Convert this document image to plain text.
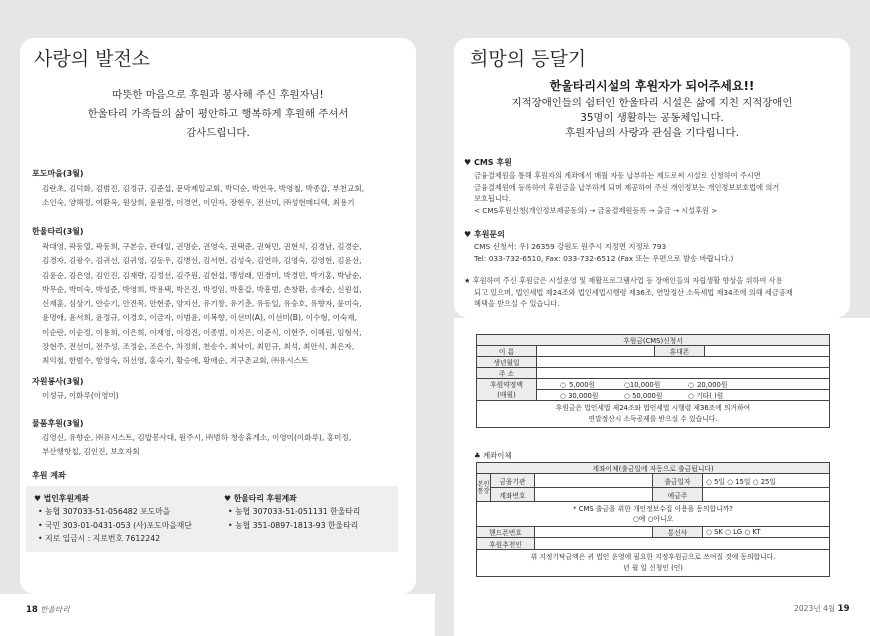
사랑의 발전소
따뜻한 마음으로 후원과 봉사해 주신 후원자님!
한울타리 가족들의 삶이 평안하고 행복하게 후원해 주셔서
감사드립니다.
포도마을(3월)
김란초, 김덕화, 김범진, 김정규, 김준섭, 문막제일교회, 박덕순, 박연옥, 박영철, 박종갑, 부천교회,
소인숙, 양해정, 여환옥, 원상희, 윤원경, 이경연, 이민자, 장현우, 전선미, ㈜성현메디텍, 최용기
한울타리(3월)
곽대영, 곽동열, 곽동희, 구본승, 관대일, 권명순, 권영숙, 권택준, 권혁민, 권현식, 김경남, 김경순,
김경자, 김광수, 김귀선, 김귀영, 김동우, 김병선, 김서현, 김성숙, 김연하, 김영숙, 김영현, 김윤선,
김윤순, 김은영, 김인진, 김재량, 김정선, 김주원, 김현섭, 맹성래, 민경미, 박경민, 박기홍, 박남순,
박무순, 박미숙, 박성준, 박영희, 박용택, 박은진, 박정임, 박흥갑, 박흥범, 손창환, 송재순, 신원섭,
신재훈, 심상기, 안승기, 안진목, 안현중, 양지선, 유기창, 유기춘, 유동일, 유숭호, 유향자, 윤미숙,
윤명애, 윤서희, 윤정규, 이경호, 이금자, 이범윤, 이복향, 이선미(A), 이선미(B), 이수형, 이숙재,
이순란, 이순정, 이용희, 이은희, 이재영, 이정진, 이종범, 이지은, 이준식, 이현주, 이혜원, 임형식,
장현주, 전선미, 전주성, 조정순, 조은수, 차정희, 천송수, 최낙이, 최민규, 최석, 최안식, 최은자,
최익철, 한범수, 함영숙, 허선영, 홍숙기, 황승애, 황애순, 지구촌교회, ㈜유시스트
자원봉사(3월)
이성규, 이화루(이영미)
물품후원(3월)
김영신, 유향순, ㈜유시스트, 김밥봉사대, 원주시, ㈜범하 청송휴게소, 이영미(이화루), 홍미정,
부산행핫칩, 김인진, 보호자회
후원 계좌
♥ 법인후원계좌
• 농협 307033-51-056482 포도마을
• 국민 303-01-0431-053 (사)포도마을재단
• 지로 입금시 : 지로번호 7612242
♥ 한울타리 후원계좌
• 농협 307033-51-051131 한울타리
• 농협 351-0897-1813-93 한울타리
18 한울타리
희망의 등달기
한울타리시설의 후원자가 되어주세요!!
지적장애인들의 쉼터인 한울타리 시설은 삶에 지친 지적장애인
35명이 생활하는 공동체입니다.
후원자님의 사랑과 관심을 기다립니다.
♥ CMS 후원
금융결제원을 통해 후원자의 계좌에서 매월 자동 납부하는 제도로써 시설로 신청하여 주시면
금융결제원에 등록하여 후원금을 납부하게 되며 제공하여 주신 개인정보는 개인정보보호법에 의거
보호됩니다.
< CMS후원신청(개인정보제공동의) → 금융결제원등록 → 출금 → 시설후원 >
♥ 후원문의
CMS 신청서: 우) 26359 강원도 원주시 지정면 지정로 793
Tel: 033-732-6510, Fax: 033-732-6512 (Fax 또는 우편으로 발송 바랍니다.)
★ 후원하여 주신 후원금은 시설운영 및 재활프로그램사업 등 장애인들의 자립생활 향상을 위하여 사용
되고 있으며, 법인세법 제24조와 법인세법시행령 제36조, 연말정산 소득세법 제34조에 의해 세금공제
혜택을 받으실 수 있습니다.
후원금(CMS)신청서			
이 름		휴대폰	
생년월일			
주 소			

후원약정액
(매월)	○ 5,000원 ○10,000원 ○ 20,000원		
	○ 30,000원 ○ 50,000원 ○ 기타( )원		

후원금은 법인세법 제24조와 법인세법 시행령 제36조에 의거하여
연말정산시 소득공제를 받으실 수 있습니다.			
♣ 계좌이체
계좌이체(출금일에 자동으로 출금됩니다)				
본인통장	금융기관		출금일자	○ 5일 ○ 15일 ○ 25일
	계좌번호		예금주	

* CMS 출금을 위한 개인정보수집 이용을 동의합니까?
○예 ○아니오				

핸드폰번호			통신사	○ SK ○ LG ○ KT
후원추천인				

위 지정기탁금액은 귀 법인 운영에 필요한 지정후원금으로 쓰여질 것에 동의합니다.
년 월 일 신청인 (인)				
2023년 4월 19
